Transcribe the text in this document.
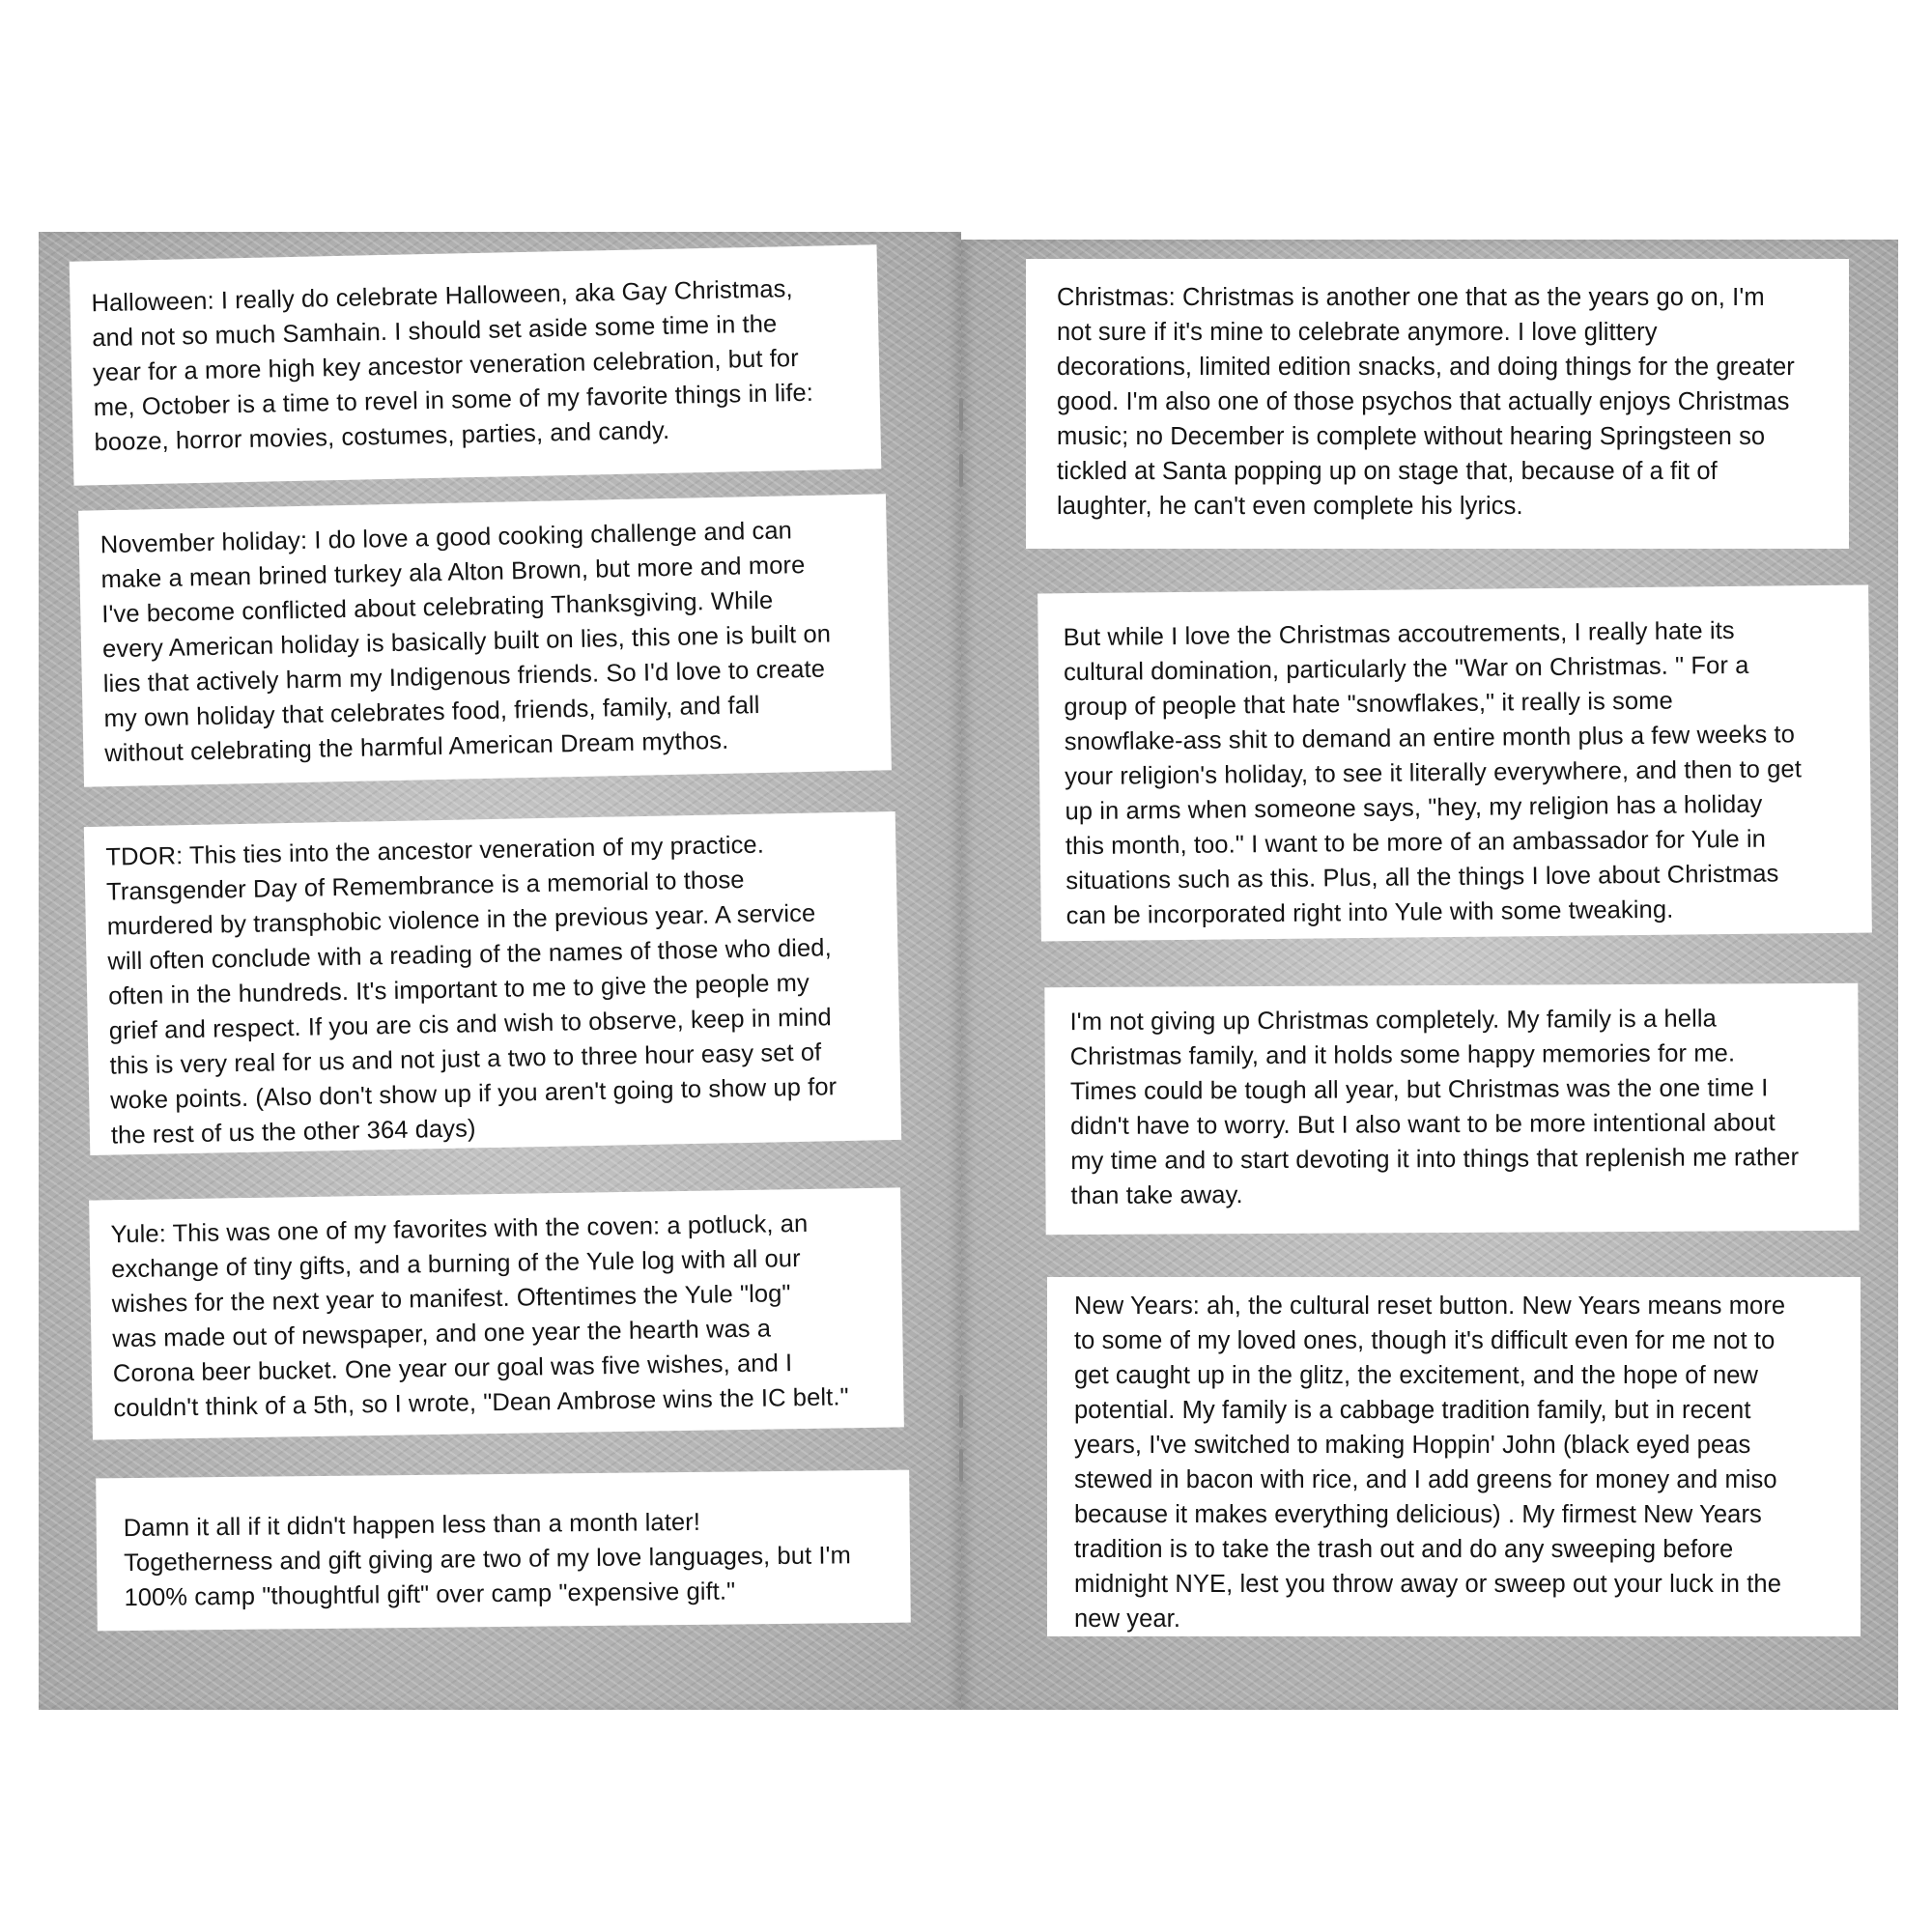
Halloween: I really do celebrate Halloween, aka Gay Christmas,
and not so much Samhain. I should set aside some time in the
year for a more high key ancestor veneration celebration, but for
me, October is a time to revel in some of my favorite things in life:
booze, horror movies, costumes, parties, and candy.

November holiday: I do love a good cooking challenge and can
make a mean brined turkey ala Alton Brown, but more and more
I've become conflicted about celebrating Thanksgiving. While
every American holiday is basically built on lies, this one is built on
lies that actively harm my Indigenous friends. So I'd love to create
my own holiday that celebrates food, friends, family, and fall
without celebrating the harmful American Dream mythos.

TDOR: This ties into the ancestor veneration of my practice.
Transgender Day of Remembrance is a memorial to those
murdered by transphobic violence in the previous year. A service
will often conclude with a reading of the names of those who died,
often in the hundreds. It's important to me to give the people my
grief and respect. If you are cis and wish to observe, keep in mind
this is very real for us and not just a two to three hour easy set of
woke points. (Also don't show up if you aren't going to show up for
the rest of us the other 364 days)

Yule: This was one of my favorites with the coven: a potluck, an
exchange of tiny gifts, and a burning of the Yule log with all our
wishes for the next year to manifest. Oftentimes the Yule "log"
was made out of newspaper, and one year the hearth was a
Corona beer bucket. One year our goal was five wishes, and I
couldn't think of a 5th, so I wrote, "Dean Ambrose wins the IC belt."

Damn it all if it didn't happen less than a month later!
Togetherness and gift giving are two of my love languages, but I'm
100% camp "thoughtful gift" over camp "expensive gift."

Christmas: Christmas is another one that as the years go on, I'm
not sure if it's mine to celebrate anymore. I love glittery
decorations, limited edition snacks, and doing things for the greater
good. I'm also one of those psychos that actually enjoys Christmas
music; no December is complete without hearing Springsteen so
tickled at Santa popping up on stage that, because of a fit of
laughter, he can't even complete his lyrics.

But while I love the Christmas accoutrements, I really hate its
cultural domination, particularly the "War on Christmas. " For a
group of people that hate "snowflakes," it really is some
snowflake-ass shit to demand an entire month plus a few weeks to
your religion's holiday, to see it literally everywhere, and then to get
up in arms when someone says, "hey, my religion has a holiday
this month, too." I want to be more of an ambassador for Yule in
situations such as this. Plus, all the things I love about Christmas
can be incorporated right into Yule with some tweaking.

I'm not giving up Christmas completely. My family is a hella
Christmas family, and it holds some happy memories for me.
Times could be tough all year, but Christmas was the one time I
didn't have to worry. But I also want to be more intentional about
my time and to start devoting it into things that replenish me rather
than take away.

New Years: ah, the cultural reset button. New Years means more
to some of my loved ones, though it's difficult even for me not to
get caught up in the glitz, the excitement, and the hope of new
potential. My family is a cabbage tradition family, but in recent
years, I've switched to making Hoppin' John (black eyed peas
stewed in bacon with rice, and I add greens for money and miso
because it makes everything delicious) . My firmest New Years
tradition is to take the trash out and do any sweeping before
midnight NYE, lest you throw away or sweep out your luck in the
new year.
